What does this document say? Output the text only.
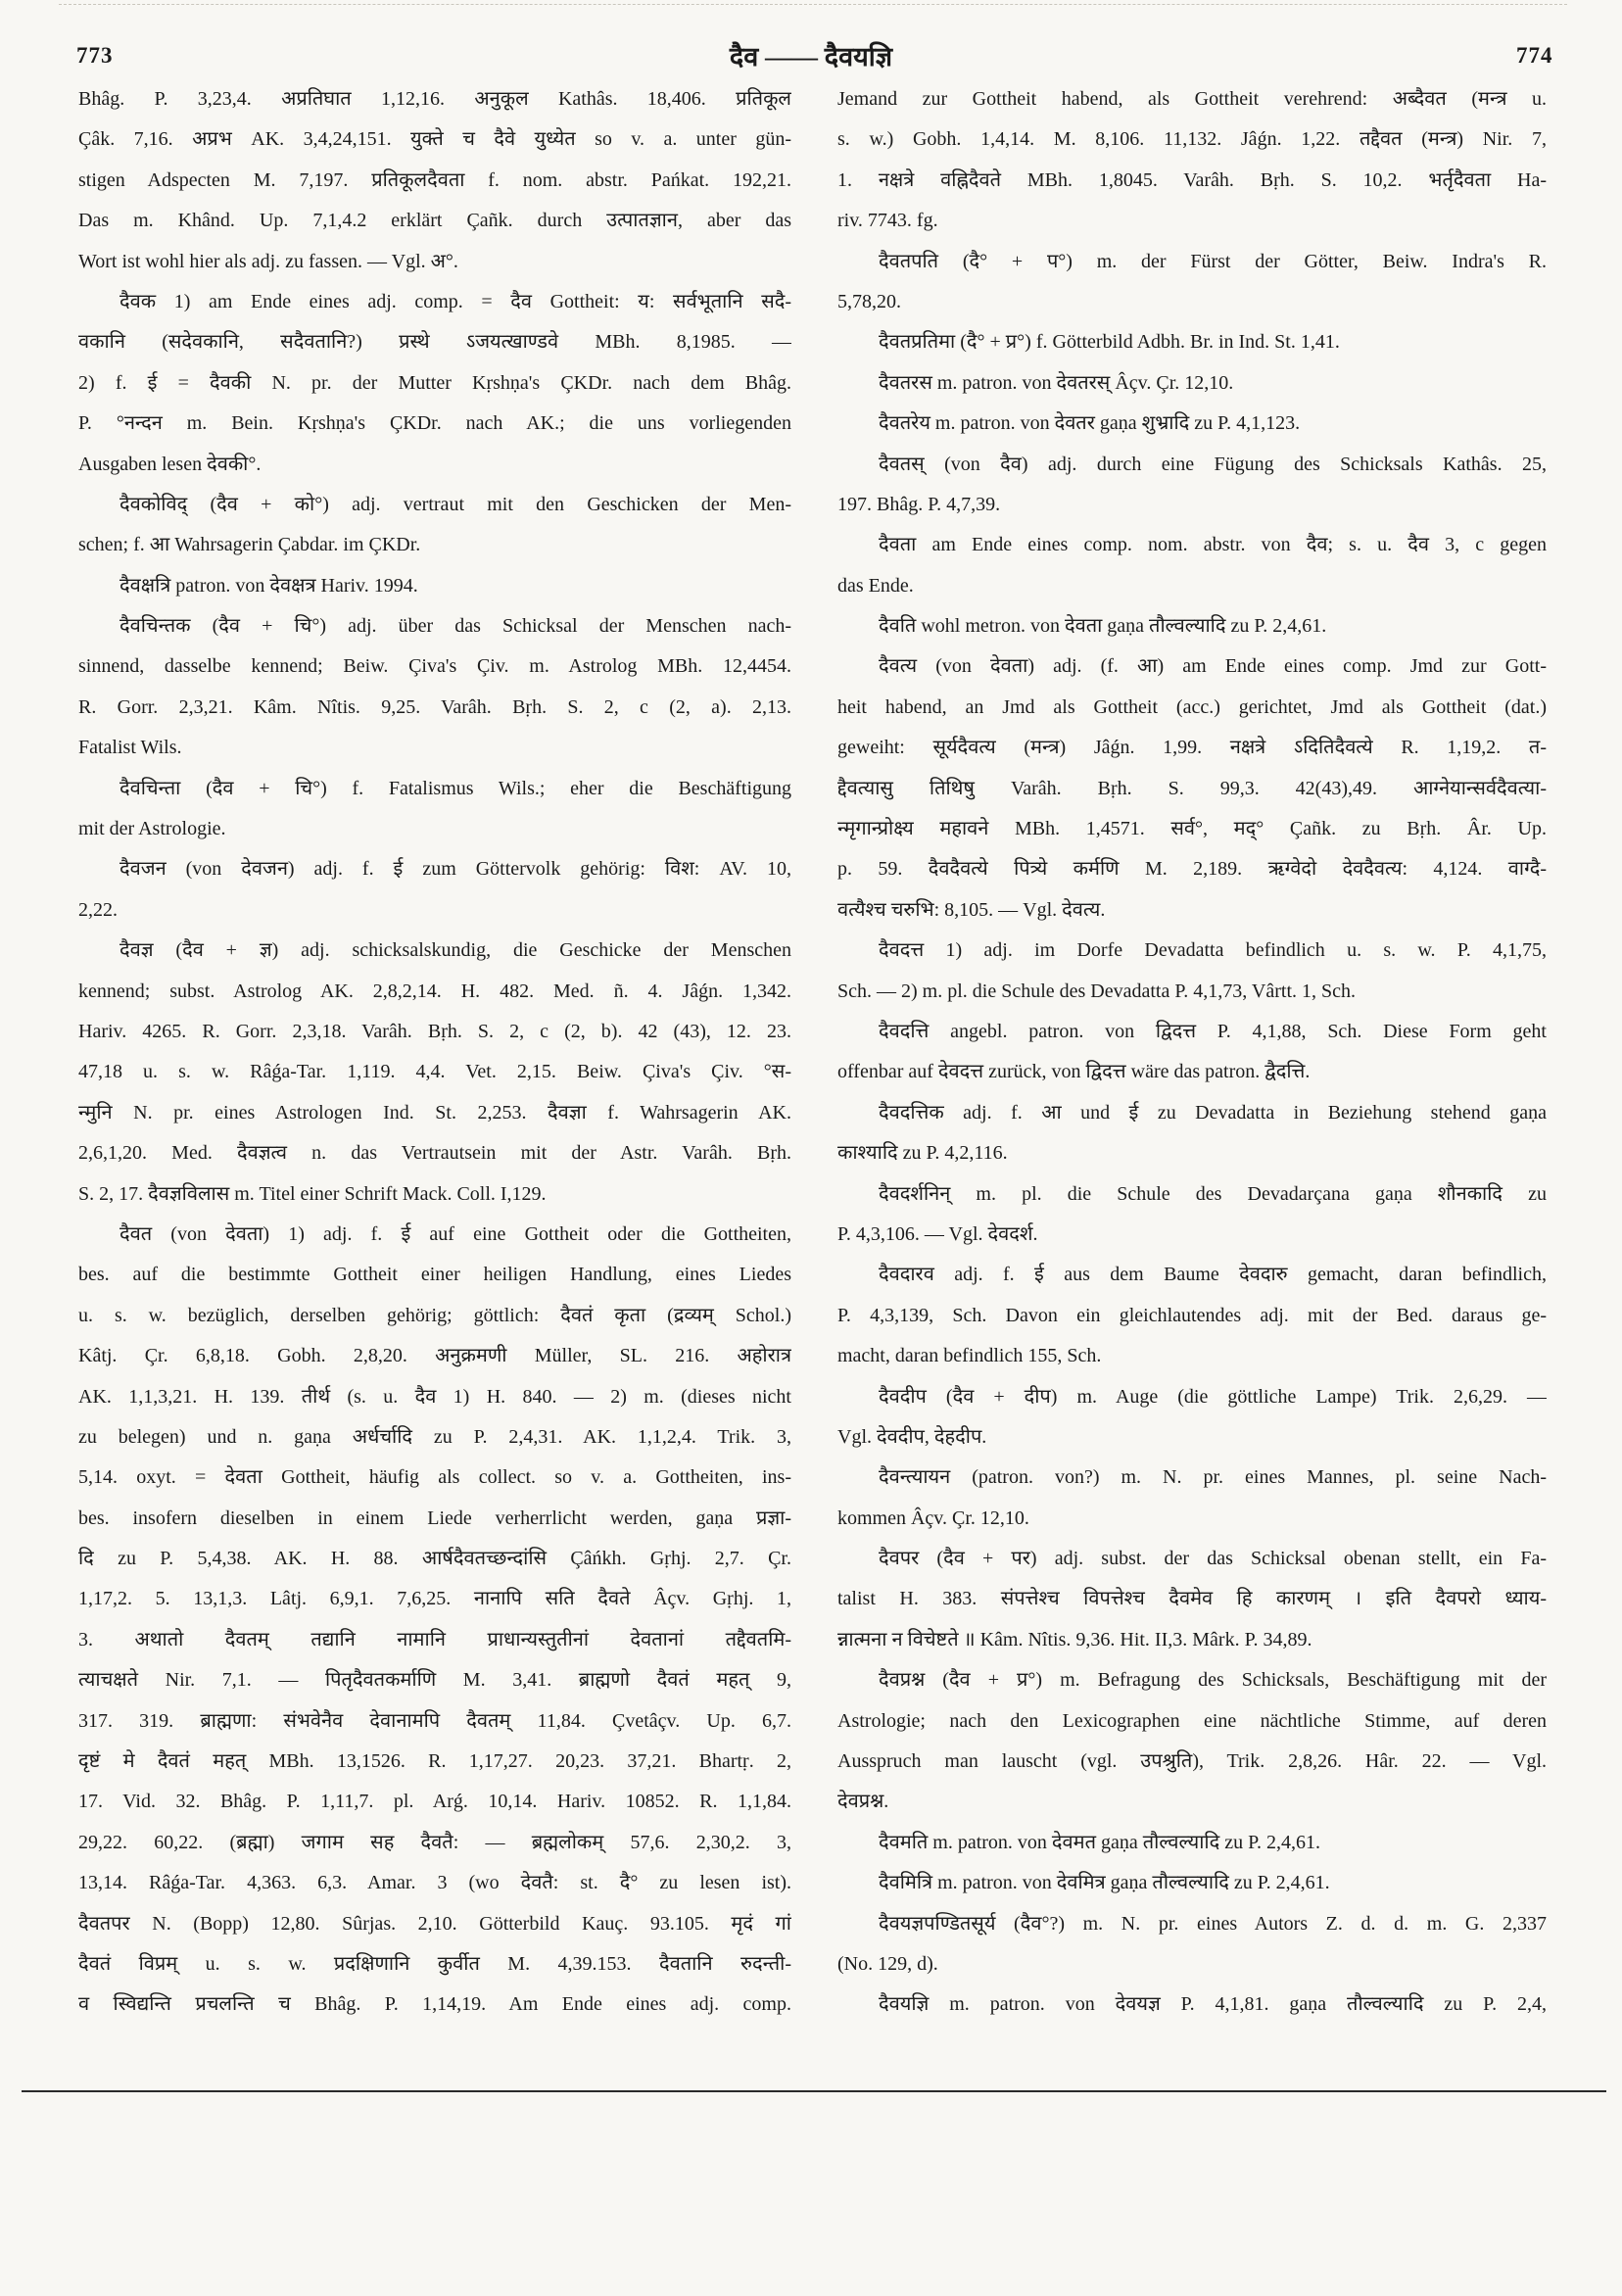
773	दैव —— दैवयज्ञि	774
Bhâg. P. 3,23,4. अप्रतिघात 1,12,16. अनुकूल Kathâs. 18,406. प्रतिकूल
Çâk. 7,16. अप्रभ AK. 3,4,24,151. युक्ते च दैवे युध्येत so v. a. unter gün-
stigen Adspecten M. 7,197. प्रतिकूलदैवता f. nom. abstr. Pańkat. 192,21.
Das m. Khând. Up. 7,1,4.2 erklärt Çañk. durch उत्पातज्ञान, aber das
Wort ist wohl hier als adj. zu fassen. — Vgl. अ°.
दैवक 1) am Ende eines adj. comp. = दैव Gottheit: य: सर्वभूतानि सदै-
वकानि (सदेवकानि, सदैवतानि?) प्रस्थे ऽजयत्खाण्डवे MBh. 8,1985. —
2) f. ई = दैवकी N. pr. der Mutter Kṛshṇa's ÇKDr. nach dem Bhâg.
P. °नन्दन m. Bein. Kṛshṇa's ÇKDr. nach AK.; die uns vorliegenden
Ausgaben lesen देवकी°.
दैवकोविद् (दैव + को°) adj. vertraut mit den Geschicken der Men-
schen; f. आ Wahrsagerin Çabdar. im ÇKDr.
दैवक्षत्रि patron. von देवक्षत्र Hariv. 1994.
दैवचिन्तक (दैव + चि°) adj. über das Schicksal der Menschen nach-
sinnend, dasselbe kennend; Beiw. Çiva's Çiv. m. Astrolog MBh. 12,4454.
R. Gorr. 2,3,21. Kâm. Nîtis. 9,25. Varâh. Bṛh. S. 2, c (2, a). 2,13.
Fatalist Wils.
दैवचिन्ता (दैव + चि°) f. Fatalismus Wils.; eher die Beschäftigung
mit der Astrologie.
दैवजन (von देवजन) adj. f. ई zum Göttervolk gehörig: विश: AV. 10,
2,22.
दैवज्ञ (दैव + ज्ञ) adj. schicksalskundig, die Geschicke der Menschen
kennend; subst. Astrolog AK. 2,8,2,14. H. 482. Med. ñ. 4. Jâǵn. 1,342.
Hariv. 4265. R. Gorr. 2,3,18. Varâh. Bṛh. S. 2, c (2, b). 42 (43), 12. 23.
47,18 u. s. w. Râǵa-Tar. 1,119. 4,4. Vet. 2,15. Beiw. Çiva's Çiv. °स-
न्मुनि N. pr. eines Astrologen Ind. St. 2,253. दैवज्ञा f. Wahrsagerin AK.
2,6,1,20. Med. दैवज्ञत्व n. das Vertrautsein mit der Astr. Varâh. Bṛh.
S. 2, 17. दैवज्ञविलास m. Titel einer Schrift Mack. Coll. I,129.
दैवत (von देवता) 1) adj. f. ई auf eine Gottheit oder die Gottheiten,
bes. auf die bestimmte Gottheit einer heiligen Handlung, eines Liedes
u. s. w. bezüglich, derselben gehörig; göttlich: दैवतं कृता (द्रव्यम् Schol.)
Kâtj. Çr. 6,8,18. Gobh. 2,8,20. अनुक्रमणी Müller, SL. 216. अहोरात्र
AK. 1,1,3,21. H. 139. तीर्थ (s. u. दैव 1) H. 840. — 2) m. (dieses nicht
zu belegen) und n. gaṇa अर्धर्चादि zu P. 2,4,31. AK. 1,1,2,4. Trik. 3,
5,14. oxyt. = देवता Gottheit, häufig als collect. so v. a. Gottheiten, ins-
bes. insofern dieselben in einem Liede verherrlicht werden, gaṇa प्रज्ञा-
दि zu P. 5,4,38. AK. H. 88. आर्षदैवतच्छन्दांसि Çâńkh. Gṛhj. 2,7. Çr.
1,17,2. 5. 13,1,3. Lâtj. 6,9,1. 7,6,25. नानापि सति दैवते Âçv. Gṛhj. 1,
3. अथातो दैवतम् तद्यानि नामानि प्राधान्यस्तुतीनां देवतानां तद्दैवतमि-
त्याचक्षते Nir. 7,1. — पितृदैवतकर्माणि M. 3,41. ब्राह्मणो दैवतं महत् 9,
317. 319. ब्राह्मणा: संभवेनैव देवानामपि दैवतम् 11,84. Çvetâçv. Up. 6,7.
दृष्टं मे दैवतं महत् MBh. 13,1526. R. 1,17,27. 20,23. 37,21. Bhartṛ. 2,
17. Vid. 32. Bhâg. P. 1,11,7. pl. Arǵ. 10,14. Hariv. 10852. R. 1,1,84.
29,22. 60,22. (ब्रह्मा) जगाम सह दैवतै: — ब्रह्मलोकम् 57,6. 2,30,2. 3,
13,14. Râǵa-Tar. 4,363. 6,3. Amar. 3 (wo देवतै: st. दै° zu lesen ist).
दैवतपर N. (Bopp) 12,80. Sûrjas. 2,10. Götterbild Kauç. 93.105. मृदं गां
दैवतं विप्रम् u. s. w. प्रदक्षिणानि कुर्वीत M. 4,39.153. दैवतानि रुदन्ती-
व स्विद्यन्ति प्रचलन्ति च Bhâg. P. 1,14,19. Am Ende eines adj. comp.
Jemand zur Gottheit habend, als Gottheit verehrend: अब्दैवत (मन्त्र u.
s. w.) Gobh. 1,4,14. M. 8,106. 11,132. Jâǵn. 1,22. तद्दैवत (मन्त्र) Nir. 7,
1. नक्षत्रे वह्निदैवते MBh. 1,8045. Varâh. Bṛh. S. 10,2. भर्तृदैवता Ha-
riv. 7743. fg.
दैवतपति (दै° + प°) m. der Fürst der Götter, Beiw. Indra's R.
5,78,20.
दैवतप्रतिमा (दै° + प्र°) f. Götterbild Adbh. Br. in Ind. St. 1,41.
दैवतरस m. patron. von देवतरस् Âçv. Çr. 12,10.
दैवतरेय m. patron. von देवतर gaṇa शुभ्रादि zu P. 4,1,123.
दैवतस् (von दैव) adj. durch eine Fügung des Schicksals Kathâs. 25,
197. Bhâg. P. 4,7,39.
दैवता am Ende eines comp. nom. abstr. von दैव; s. u. दैव 3, c gegen
das Ende.
दैवति wohl metron. von देवता gaṇa तौल्वल्यादि zu P. 2,4,61.
दैवत्य (von देवता) adj. (f. आ) am Ende eines comp. Jmd zur Gott-
heit habend, an Jmd als Gottheit (acc.) gerichtet, Jmd als Gottheit (dat.)
geweiht: सूर्यदैवत्य (मन्त्र) Jâǵn. 1,99. नक्षत्रे ऽदितिदैवत्ये R. 1,19,2. त-
द्दैवत्यासु तिथिषु Varâh. Bṛh. S. 99,3. 42(43),49. आग्नेयान्सर्वदैवत्या-
न्मृगान्प्रोक्ष्य महावने MBh. 1,4571. सर्व°, मद्° Çañk. zu Bṛh. Âr. Up.
p. 59. दैवदैवत्ये पित्र्ये कर्मणि M. 2,189. ऋग्वेदो देवदैवत्य: 4,124. वाग्दै-
वत्यैश्च चरुभि: 8,105. — Vgl. देवत्य.
दैवदत्त 1) adj. im Dorfe Devadatta befindlich u. s. w. P. 4,1,75,
Sch. — 2) m. pl. die Schule des Devadatta P. 4,1,73, Vârtt. 1, Sch.
दैवदत्ति angebl. patron. von द्विदत्त P. 4,1,88, Sch. Diese Form geht
offenbar auf देवदत्त zurück, von द्विदत्त wäre das patron. द्वैदत्ति.
दैवदत्तिक adj. f. आ und ई zu Devadatta in Beziehung stehend gaṇa
काश्यादि zu P. 4,2,116.
दैवदर्शनिन् m. pl. die Schule des Devadarçana gaṇa शौनकादि zu
P. 4,3,106. — Vgl. देवदर्श.
दैवदारव adj. f. ई aus dem Baume देवदारु gemacht, daran befindlich,
P. 4,3,139, Sch. Davon ein gleichlautendes adj. mit der Bed. daraus ge-
macht, daran befindlich 155, Sch.
दैवदीप (दैव + दीप) m. Auge (die göttliche Lampe) Trik. 2,6,29. —
Vgl. देवदीप, देहदीप.
दैवन्त्यायन (patron. von?) m. N. pr. eines Mannes, pl. seine Nach-
kommen Âçv. Çr. 12,10.
दैवपर (दैव + पर) adj. subst. der das Schicksal obenan stellt, ein Fa-
talist H. 383. संपत्तेश्च विपत्तेश्च दैवमेव हि कारणम् । इति दैवपरो ध्याय-
न्नात्मना न विचेष्टते ॥ Kâm. Nîtis. 9,36. Hit. II,3. Mârk. P. 34,89.
दैवप्रश्न (दैव + प्र°) m. Befragung des Schicksals, Beschäftigung mit der
Astrologie; nach den Lexicographen eine nächtliche Stimme, auf deren
Ausspruch man lauscht (vgl. उपश्रुति), Trik. 2,8,26. Hâr. 22. — Vgl.
देवप्रश्न.
दैवमति m. patron. von देवमत gaṇa तौल्वल्यादि zu P. 2,4,61.
दैवमित्रि m. patron. von देवमित्र gaṇa तौल्वल्यादि zu P. 2,4,61.
दैवयज्ञपण्डितसूर्य (दैव°?) m. N. pr. eines Autors Z. d. d. m. G. 2,337
(No. 129, d).
दैवयज्ञि m. patron. von देवयज्ञ P. 4,1,81. gaṇa तौल्वल्यादि zu P. 2,4,
